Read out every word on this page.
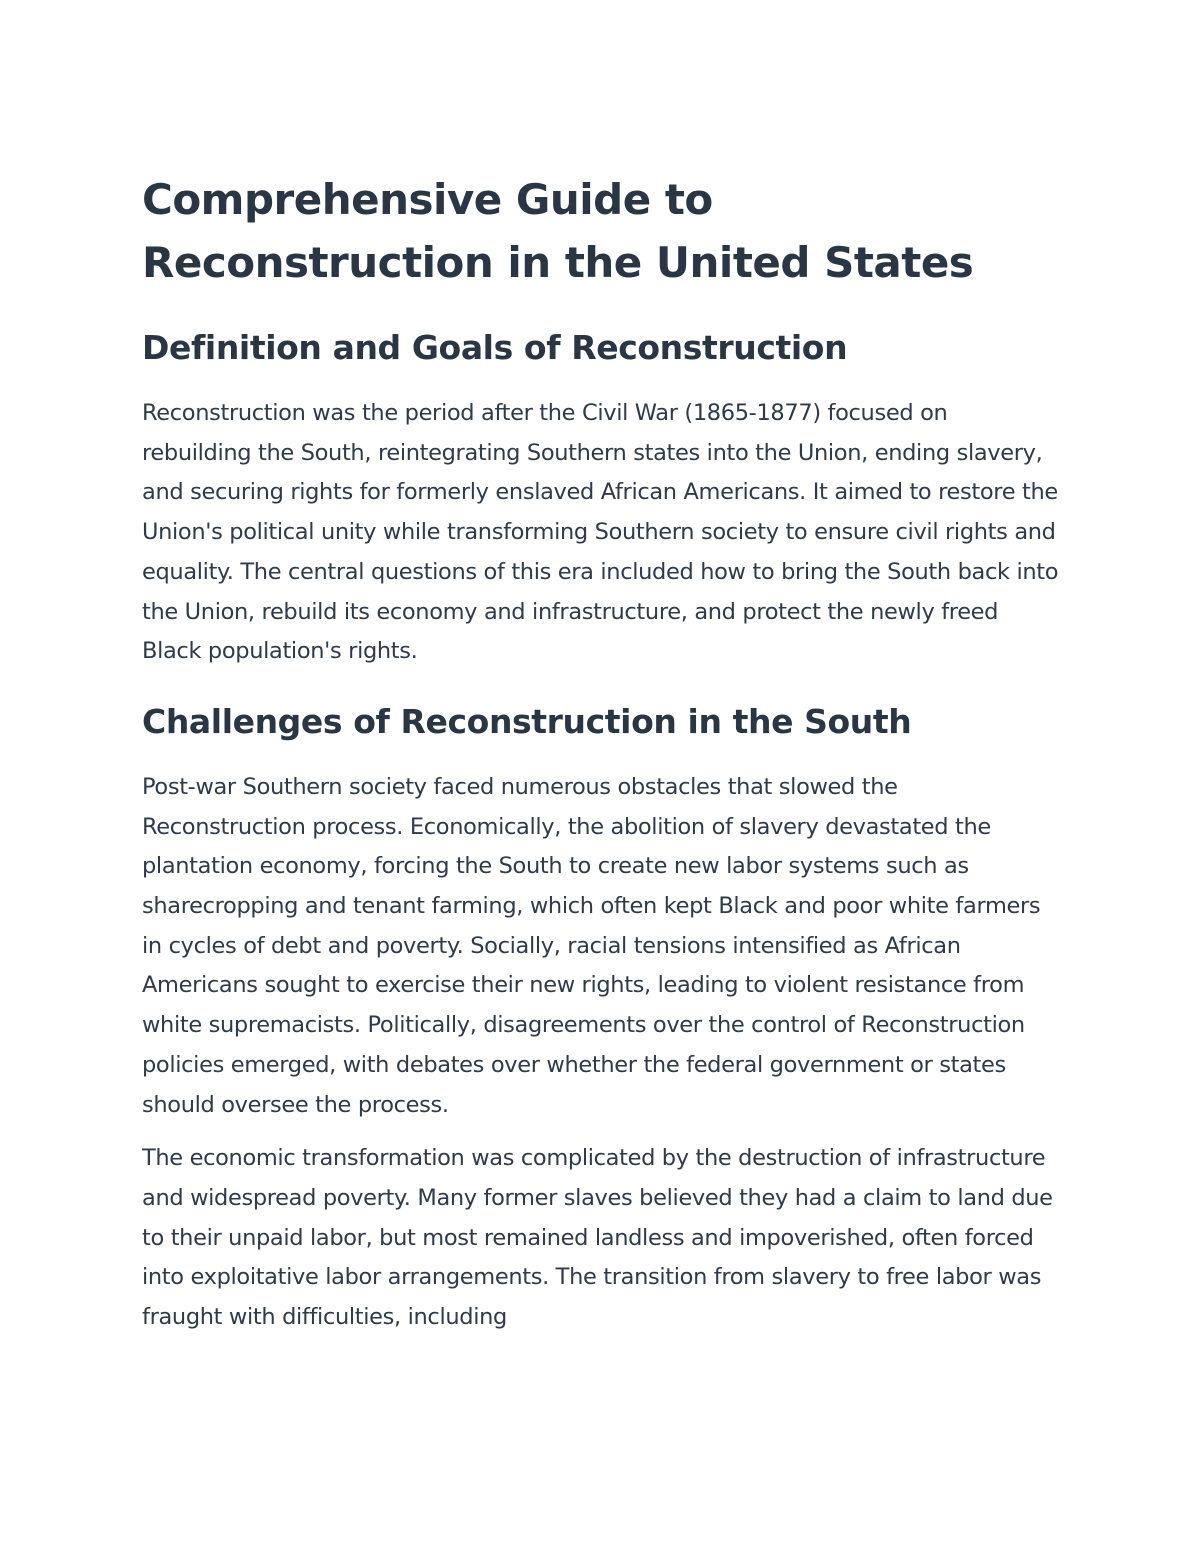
Comprehensive Guide to Reconstruction in the United States
Definition and Goals of Reconstruction

Reconstruction was the period after the Civil War (1865-1877) focused on rebuilding the South, reintegrating Southern states into the Union, ending slavery, and securing rights for formerly enslaved African Americans. It aimed to restore the Union's political unity while transforming Southern society to ensure civil rights and equality. The central questions of this era included how to bring the South back into the Union, rebuild its economy and infrastructure, and protect the newly freed Black population's rights.

Challenges of Reconstruction in the South

Post-war Southern society faced numerous obstacles that slowed the Reconstruction process. Economically, the abolition of slavery devastated the plantation economy, forcing the South to create new labor systems such as sharecropping and tenant farming, which often kept Black and poor white farmers in cycles of debt and poverty. Socially, racial tensions intensified as African Americans sought to exercise their new rights, leading to violent resistance from white supremacists. Politically, disagreements over the control of Reconstruction policies emerged, with debates over whether the federal government or states should oversee the process.

The economic transformation was complicated by the destruction of infrastructure and widespread poverty. Many former slaves believed they had a claim to land due to their unpaid labor, but most remained landless and impoverished, often forced into exploitative labor arrangements. The transition from slavery to free labor was fraught with difficulties, including
